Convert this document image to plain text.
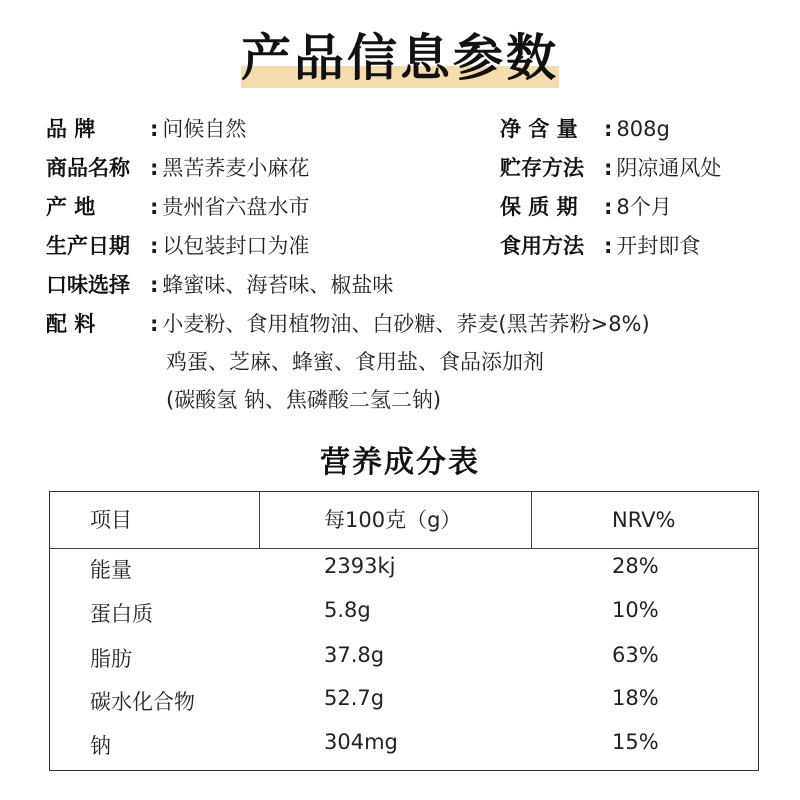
产品信息参数
品 牌	: 问候自然
商品名称 : 黑苦荞麦小麻花
产 地	: 贵州省六盘水市
生产日期 : 以包装封口为准
口味选择 : 蜂蜜味、海苔味、椒盐味
净 含 量 : 808g
贮存方法 : 阴凉通风处
保 质 期 : 8个月
食用方法 : 开封即食
配 料	: 小麦粉、食用植物油、白砂糖、荞麦(黑苦荞粉>8%)
鸡蛋、芝麻、蜂蜜、食用盐、食品添加剂
(碳酸氢 钠、焦磷酸二氢二钠)
营养成分表
项目	每100克（g）	NRV%
能量	2393kj	28%
蛋白质	5.8g	10%
脂肪	37.8g	63%
碳水化合物	52.7g	18%
钠	304mg	15%
